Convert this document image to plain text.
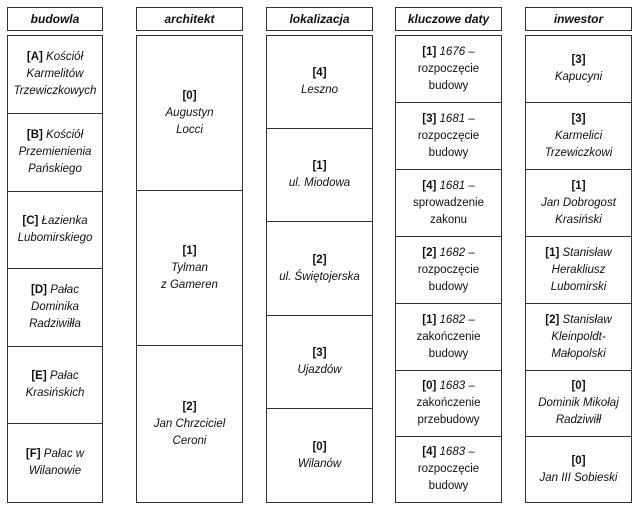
budowla
[A] Kościół
Karmelitów
Trzewiczkowych
[B] Kościół
Przemienienia
Pańskiego
[C] Łazienka
Lubomirskiego
[D] Pałac
Dominika
Radziwiłła
[E] Pałac
Krasińskich
[F] Pałac w
Wilanowie
architekt
[0]
Augustyn
Locci
[1]
Tylman
z Gameren
[2]
Jan Chrzciciel
Ceroni
lokalizacja
[4]
Leszno
[1]
ul. Miodowa
[2]
ul. Świętojerska
[3]
Ujazdów
[0]
Wilanów
kluczowe daty
[1] 1676 –
rozpoczęcie
budowy
[3] 1681 –
rozpoczęcie
budowy
[4] 1681 –
sprowadzenie
zakonu
[2] 1682 –
rozpoczęcie
budowy
[1] 1682 –
zakończenie
budowy
[0] 1683 –
zakończenie
przebudowy
[4] 1683 –
rozpoczęcie
budowy
inwestor
[3]
Kapucyni
[3]
Karmelici
Trzewiczkowi
[1]
Jan Dobrogost
Krasiński
[1] Stanisław
Herakliusz
Lubomirski
[2] Stanisław
Kleinpoldt-
Małopolski
[0]
Dominik Mikołaj
Radziwiłł
[0]
Jan III Sobieski
